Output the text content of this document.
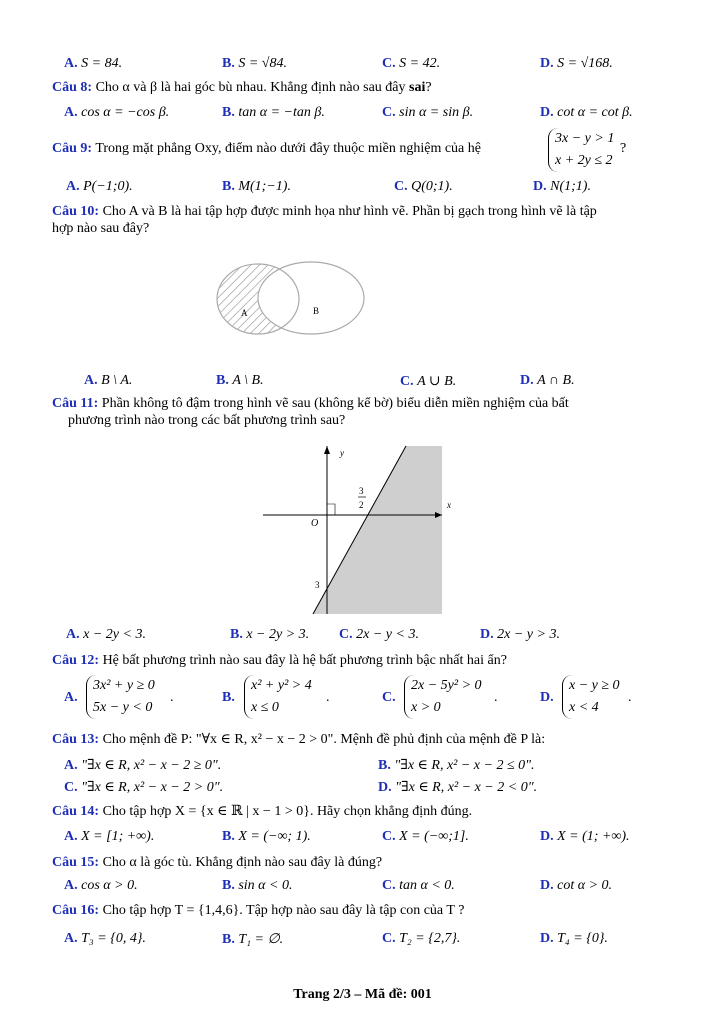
A. S = 84.	B. S = √84.	C. S = 42.	D. S = √168.
Câu 8: Cho α và β là hai góc bù nhau. Khẳng định nào sau đây sai?
A. cos α = −cos β.	B. tan α = −tan β.	C. sin α = sin β.	D. cot α = cot β.
Câu 9: Trong mặt phẳng Oxy, điểm nào dưới đây thuộc miền nghiệm của hệ
3x − y > 1
x + 2y ≤ 2
?
A. P(−1;0).	B. M(1;−1).	C. Q(0;1).	D. N(1;1).
Câu 10: Cho A và B là hai tập hợp được minh họa như hình vẽ. Phần bị gạch trong hình vẽ là tập
hợp nào sau đây?
A	B
A. B \ A.	B. A \ B.	C. A ∪ B.	D. A ∩ B.
Câu 11: Phần không tô đậm trong hình vẽ sau (không kể bờ) biểu diễn miền nghiệm của bất
phương trình nào trong các bất phương trình sau?
y
x
O
3
2
3
A. x − 2y < 3.	B. x − 2y > 3. C. 2x − y < 3.	D. 2x − y > 3.
Câu 12: Hệ bất phương trình nào sau đây là hệ bất phương trình bậc nhất hai ẩn?
A.
3x² + y ≥ 0
5x − y < 0
.	B.
x² + y² > 4
x ≤ 0
.	C.
2x − 5y² > 0
x > 0
.	D.
x − y ≥ 0
x < 4
.
Câu 13: Cho mệnh đề P: "∀x ∈ R, x² − x − 2 > 0". Mệnh đề phủ định của mệnh đề P là:
A. "∃x ∈ R, x² − x − 2 ≥ 0".	B. "∃x ∈ R, x² − x − 2 ≤ 0".
C. "∃x ∈ R, x² − x − 2 > 0".	D. "∃x ∈ R, x² − x − 2 < 0".
Câu 14: Cho tập hợp X = {x ∈ ℝ | x − 1 > 0}. Hãy chọn khẳng định đúng.
A. X = [1; +∞).	B. X = (−∞; 1).	C. X = (−∞;1].	D. X = (1; +∞).
Câu 15: Cho α là góc tù. Khẳng định nào sau đây là đúng?
A. cos α > 0.	B. sin α < 0.	C. tan α < 0.	D. cot α > 0.
Câu 16: Cho tập hợp T = {1,4,6}. Tập hợp nào sau đây là tập con của T ?
A. T₃ = {0, 4}.	B. T₁ = ∅.	C. T₂ = {2,7}.	D. T₄ = {0}.
Trang 2/3 – Mã đề: 001
